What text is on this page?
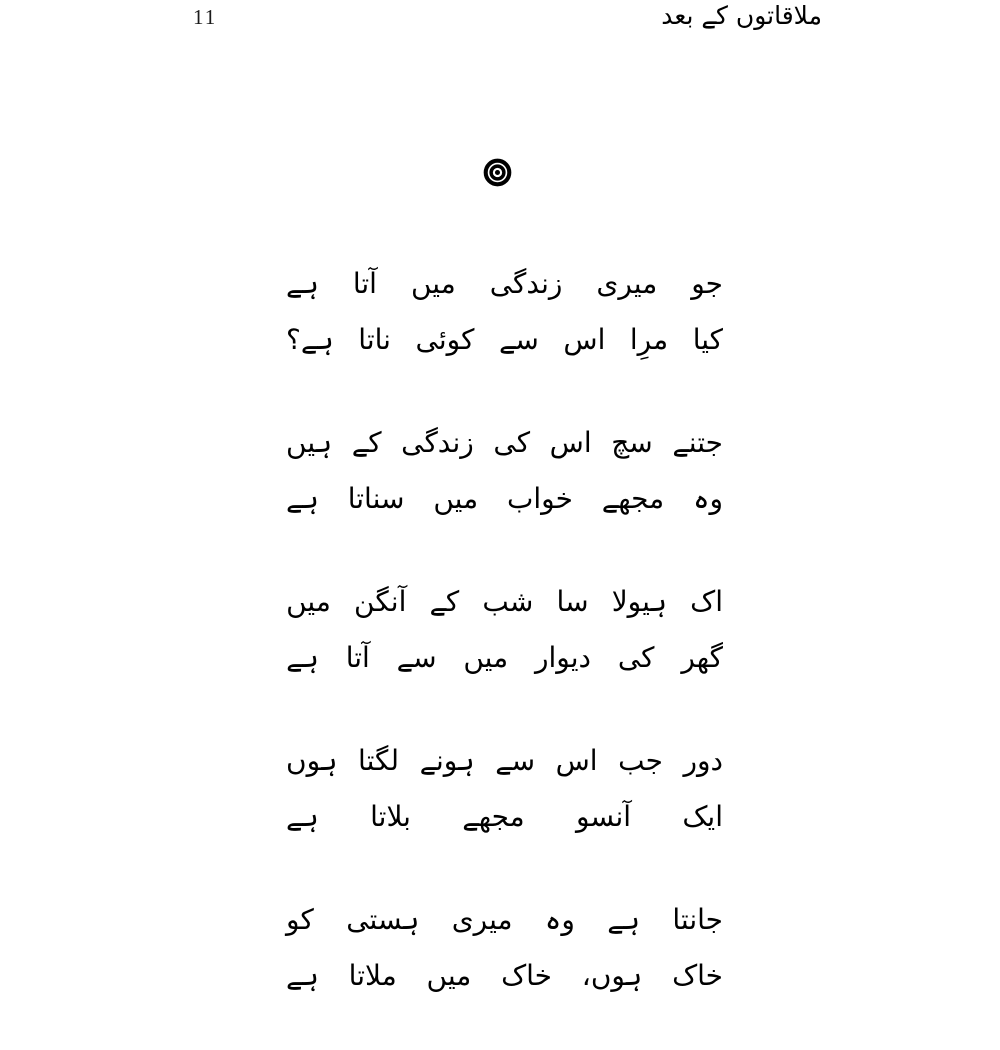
11	ملاقاتوں کے بعد
جو
میری
زندگی
میں
آتا
ہے
کیا
مرِا
اس
سے
کوئی
ناتا
ہے؟
جتنے
سچ
اس
کی
زندگی
کے
ہیں
وہ
مجھے
خواب
میں
سناتا
ہے
اک
ہیولا
سا
شب
کے
آنگن
میں
گھر
کی
دیوار
میں
سے
آتا
ہے
دور
جب
اس
سے
ہونے
لگتا
ہوں
ایک
آنسو
مجھے
بلاتا
ہے
جانتا
ہے
وہ
میری
ہستی
کو
خاک
ہوں،
خاک
میں
ملاتا
ہے
